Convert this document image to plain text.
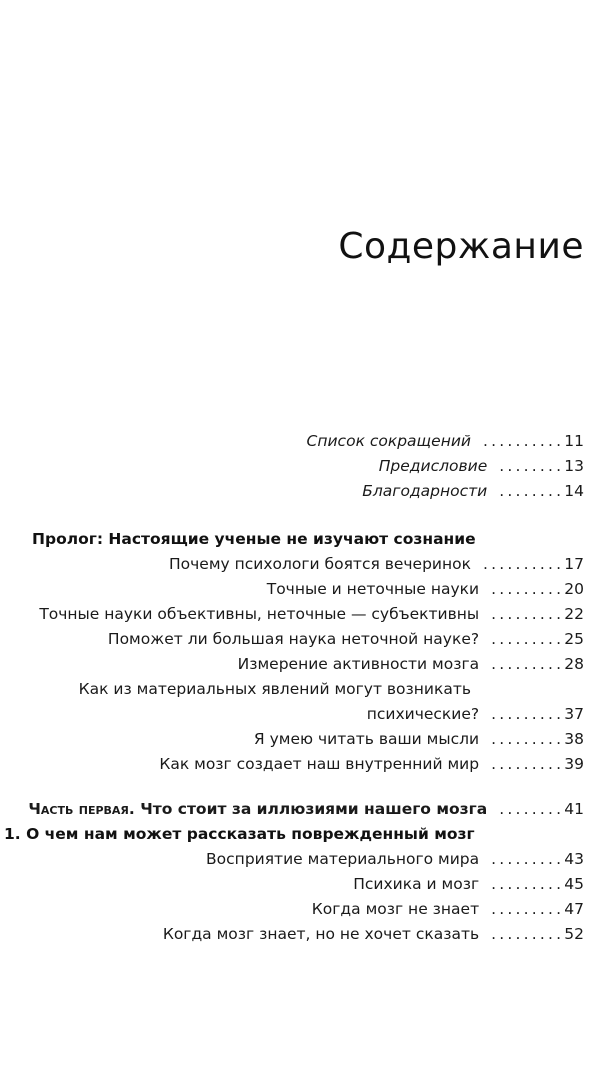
Содержание
Список сокращений .......... 11
Предисловие ........ 13
Благодарности ........ 14
Пролог: Настоящие ученые не изучают сознание
Почему психологи боятся вечеринок .......... 17
Точные и неточные науки ......... 20
Точные науки объективны, неточные — субъективны ......... 22
Поможет ли большая наука неточной науке? ......... 25
Измерение активности мозга ......... 28
Как из материальных явлений могут возникать
психические? ......... 37
Я умею читать ваши мысли ......... 38
Как мозг создает наш внутренний мир ......... 39
Часть первая. Что стоит за иллюзиями нашего мозга ........ 41
1. О чем нам может рассказать поврежденный мозг
Восприятие материального мира ......... 43
Психика и мозг ......... 45
Когда мозг не знает ......... 47
Когда мозг знает, но не хочет сказать ......... 52
